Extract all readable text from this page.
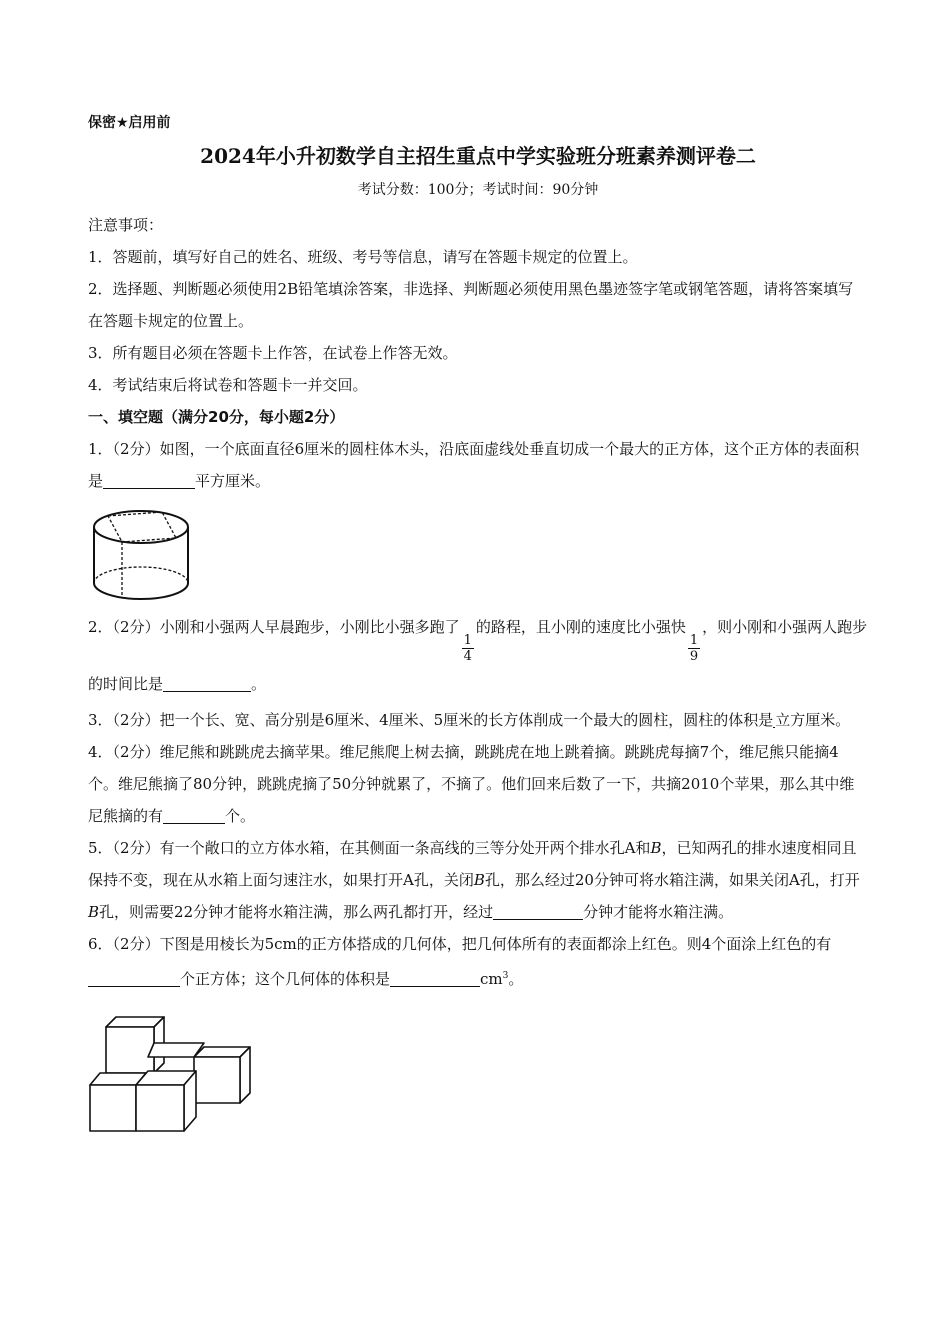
保密★启用前
2024年小升初数学自主招生重点中学实验班分班素养测评卷二
考试分数：100分；考试时间：90分钟

注意事项：

1．答题前，填写好自己的姓名、班级、考号等信息，请写在答题卡规定的位置上。

2．选择题、判断题必须使用2B铅笔填涂答案，非选择、判断题必须使用黑色墨迹签字笔或钢笔答题，请将答案填写在答题卡规定的位置上。

3．所有题目必须在答题卡上作答，在试卷上作答无效。

4．考试结束后将试卷和答题卡一并交回。

一、填空题（满分20分，每小题2分）

1．（2分）如图，一个底面直径6厘米的圆柱体木头，沿底面虚线处垂直切成一个最大的正方体，这个正方体的表面积是	平方厘米。

2．（2分）小刚和小强两人早晨跑步，小刚比小强多跑了
$\frac{1}{4}$
的路程，且小刚的速度比小强快
$\frac{1}{9}$
，则小刚和小强两人跑步的时间比是	。

3．（2分）把一个长、宽、高分别是6厘米、4厘米、5厘米的长方体削成一个最大的圆柱，圆柱的体积是 立方厘米。

4．（2分）维尼熊和跳跳虎去摘苹果。维尼熊爬上树去摘，跳跳虎在地上跳着摘。跳跳虎每摘7个，维尼熊只能摘4个。维尼熊摘了80分钟，跳跳虎摘了50分钟就累了，不摘了。他们回来后数了一下，共摘2010个苹果，那么其中维尼熊摘的有	个。

5．（2分）有一个敞口的立方体水箱，在其侧面一条高线的三等分处开两个排水孔A和B，已知两孔的排水速度相同且保持不变，现在从水箱上面匀速注水，如果打开A孔，关闭B孔，那么经过20分钟可将水箱注满，如果关闭A孔，打开B孔，则需要22分钟才能将水箱注满，那么两孔都打开，经过	分钟才能将水箱注满。

6．（2分）下图是用棱长为5cm的正方体搭成的几何体，把几何体所有的表面都涂上红色。则4个面涂上红色的有个正方体；这个几何体的体积是	$cm^3$。
